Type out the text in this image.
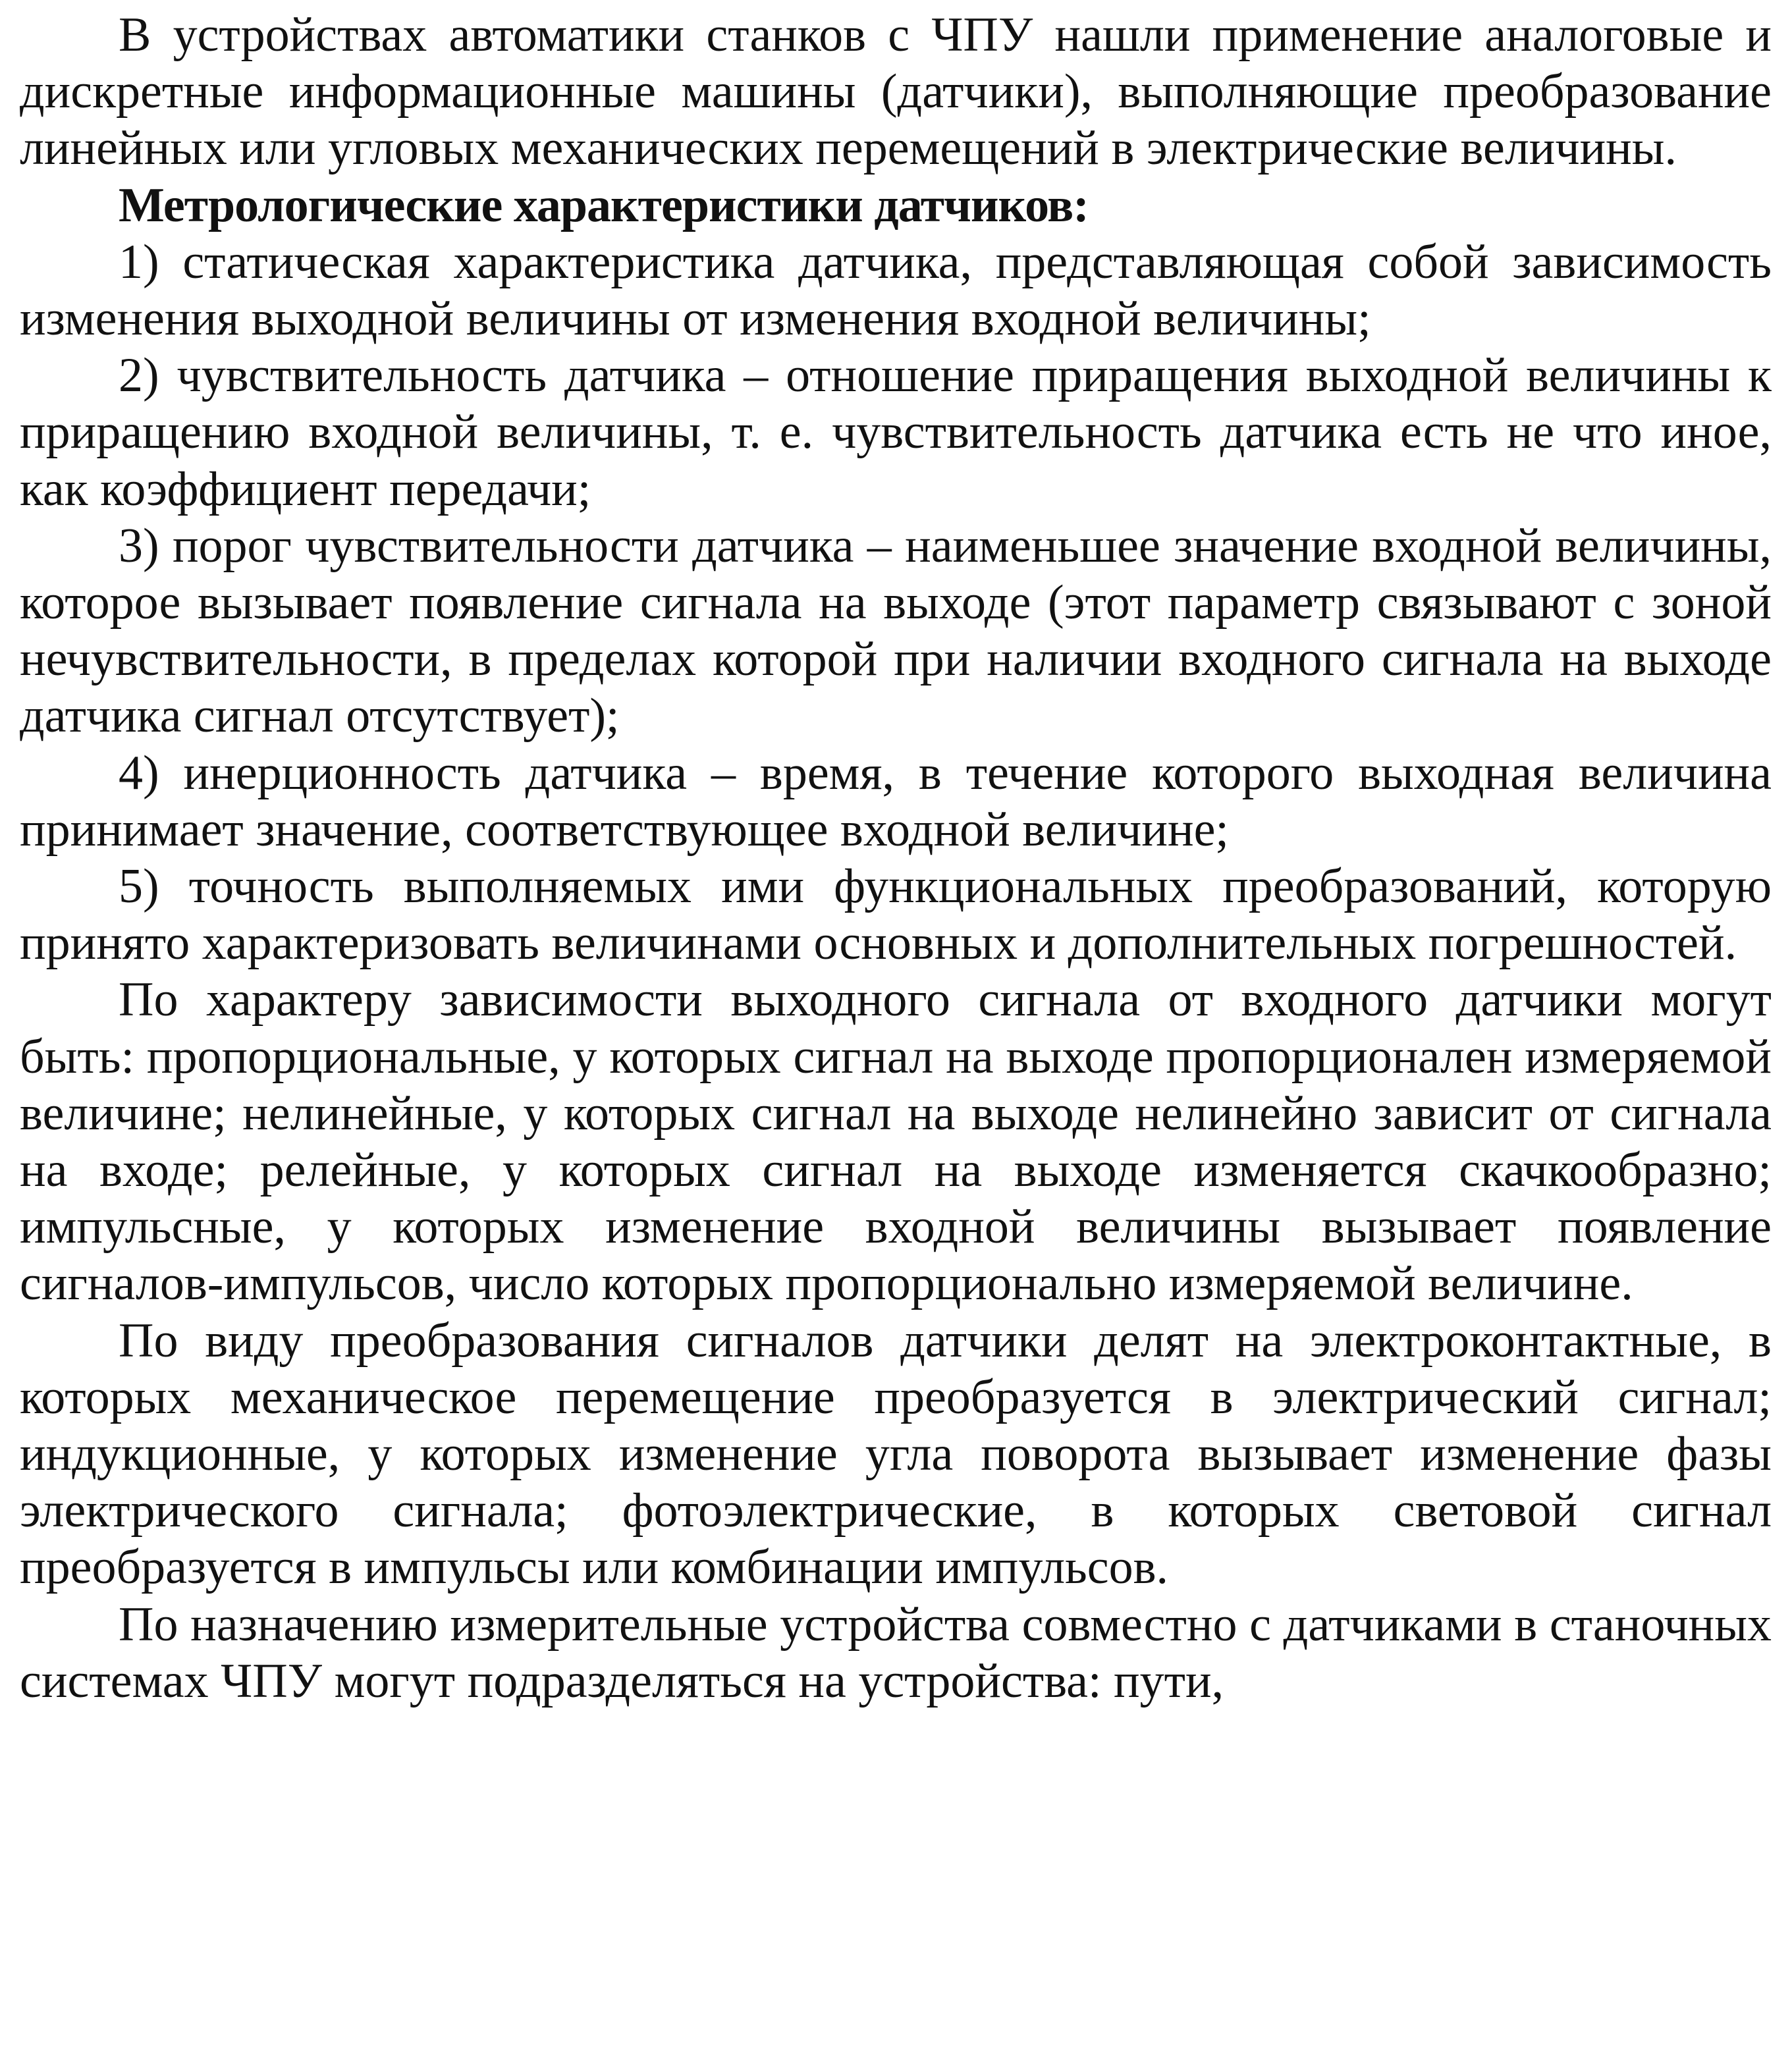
В устройствах автоматики станков с ЧПУ нашли применение аналоговые и дискретные информационные машины (датчики), выполняющие преобразование линейных или угловых механических перемещений в электрические величины.

Метрологические характеристики датчиков:

1) статическая характеристика датчика, представляющая собой зависимость изменения выходной величины от изменения входной величины;

2) чувствительность датчика – отношение приращения выходной величины к приращению входной величины, т. е. чувствительность датчика есть не что иное, как коэффициент передачи;

3) порог чувствительности датчика – наименьшее значение входной величины, которое вызывает появление сигнала на выходе (этот параметр связывают с зоной нечувствительности, в пределах которой при наличии входного сигнала на выходе датчика сигнал отсутствует);

4) инерционность датчика – время, в течение которого выходная величина принимает значение, соответствующее входной величине;

5) точность выполняемых ими функциональных преобразований, которую принято характеризовать величинами основных и дополнительных погрешностей.

По характеру зависимости выходного сигнала от входного датчики могут быть: пропорциональные, у которых сигнал на выходе пропорционален измеряемой величине; нелинейные, у которых сигнал на выходе нелинейно зависит от сигнала на входе; релейные, у которых сигнал на выходе изменяется скачкообразно; импульсные, у которых изменение входной величины вызывает появление сигналов-импульсов, число которых пропорционально измеряемой величине.

По виду преобразования сигналов датчики делят на электроконтактные, в которых механическое перемещение преобразуется в электрический сигнал; индукционные, у которых изменение угла поворота вызывает изменение фазы электрического сигнала; фотоэлектрические, в которых световой сигнал преобразуется в импульсы или комбинации импульсов.

По назначению измерительные устройства совместно с датчиками в станочных системах ЧПУ могут подразделяться на устройства: пути,
